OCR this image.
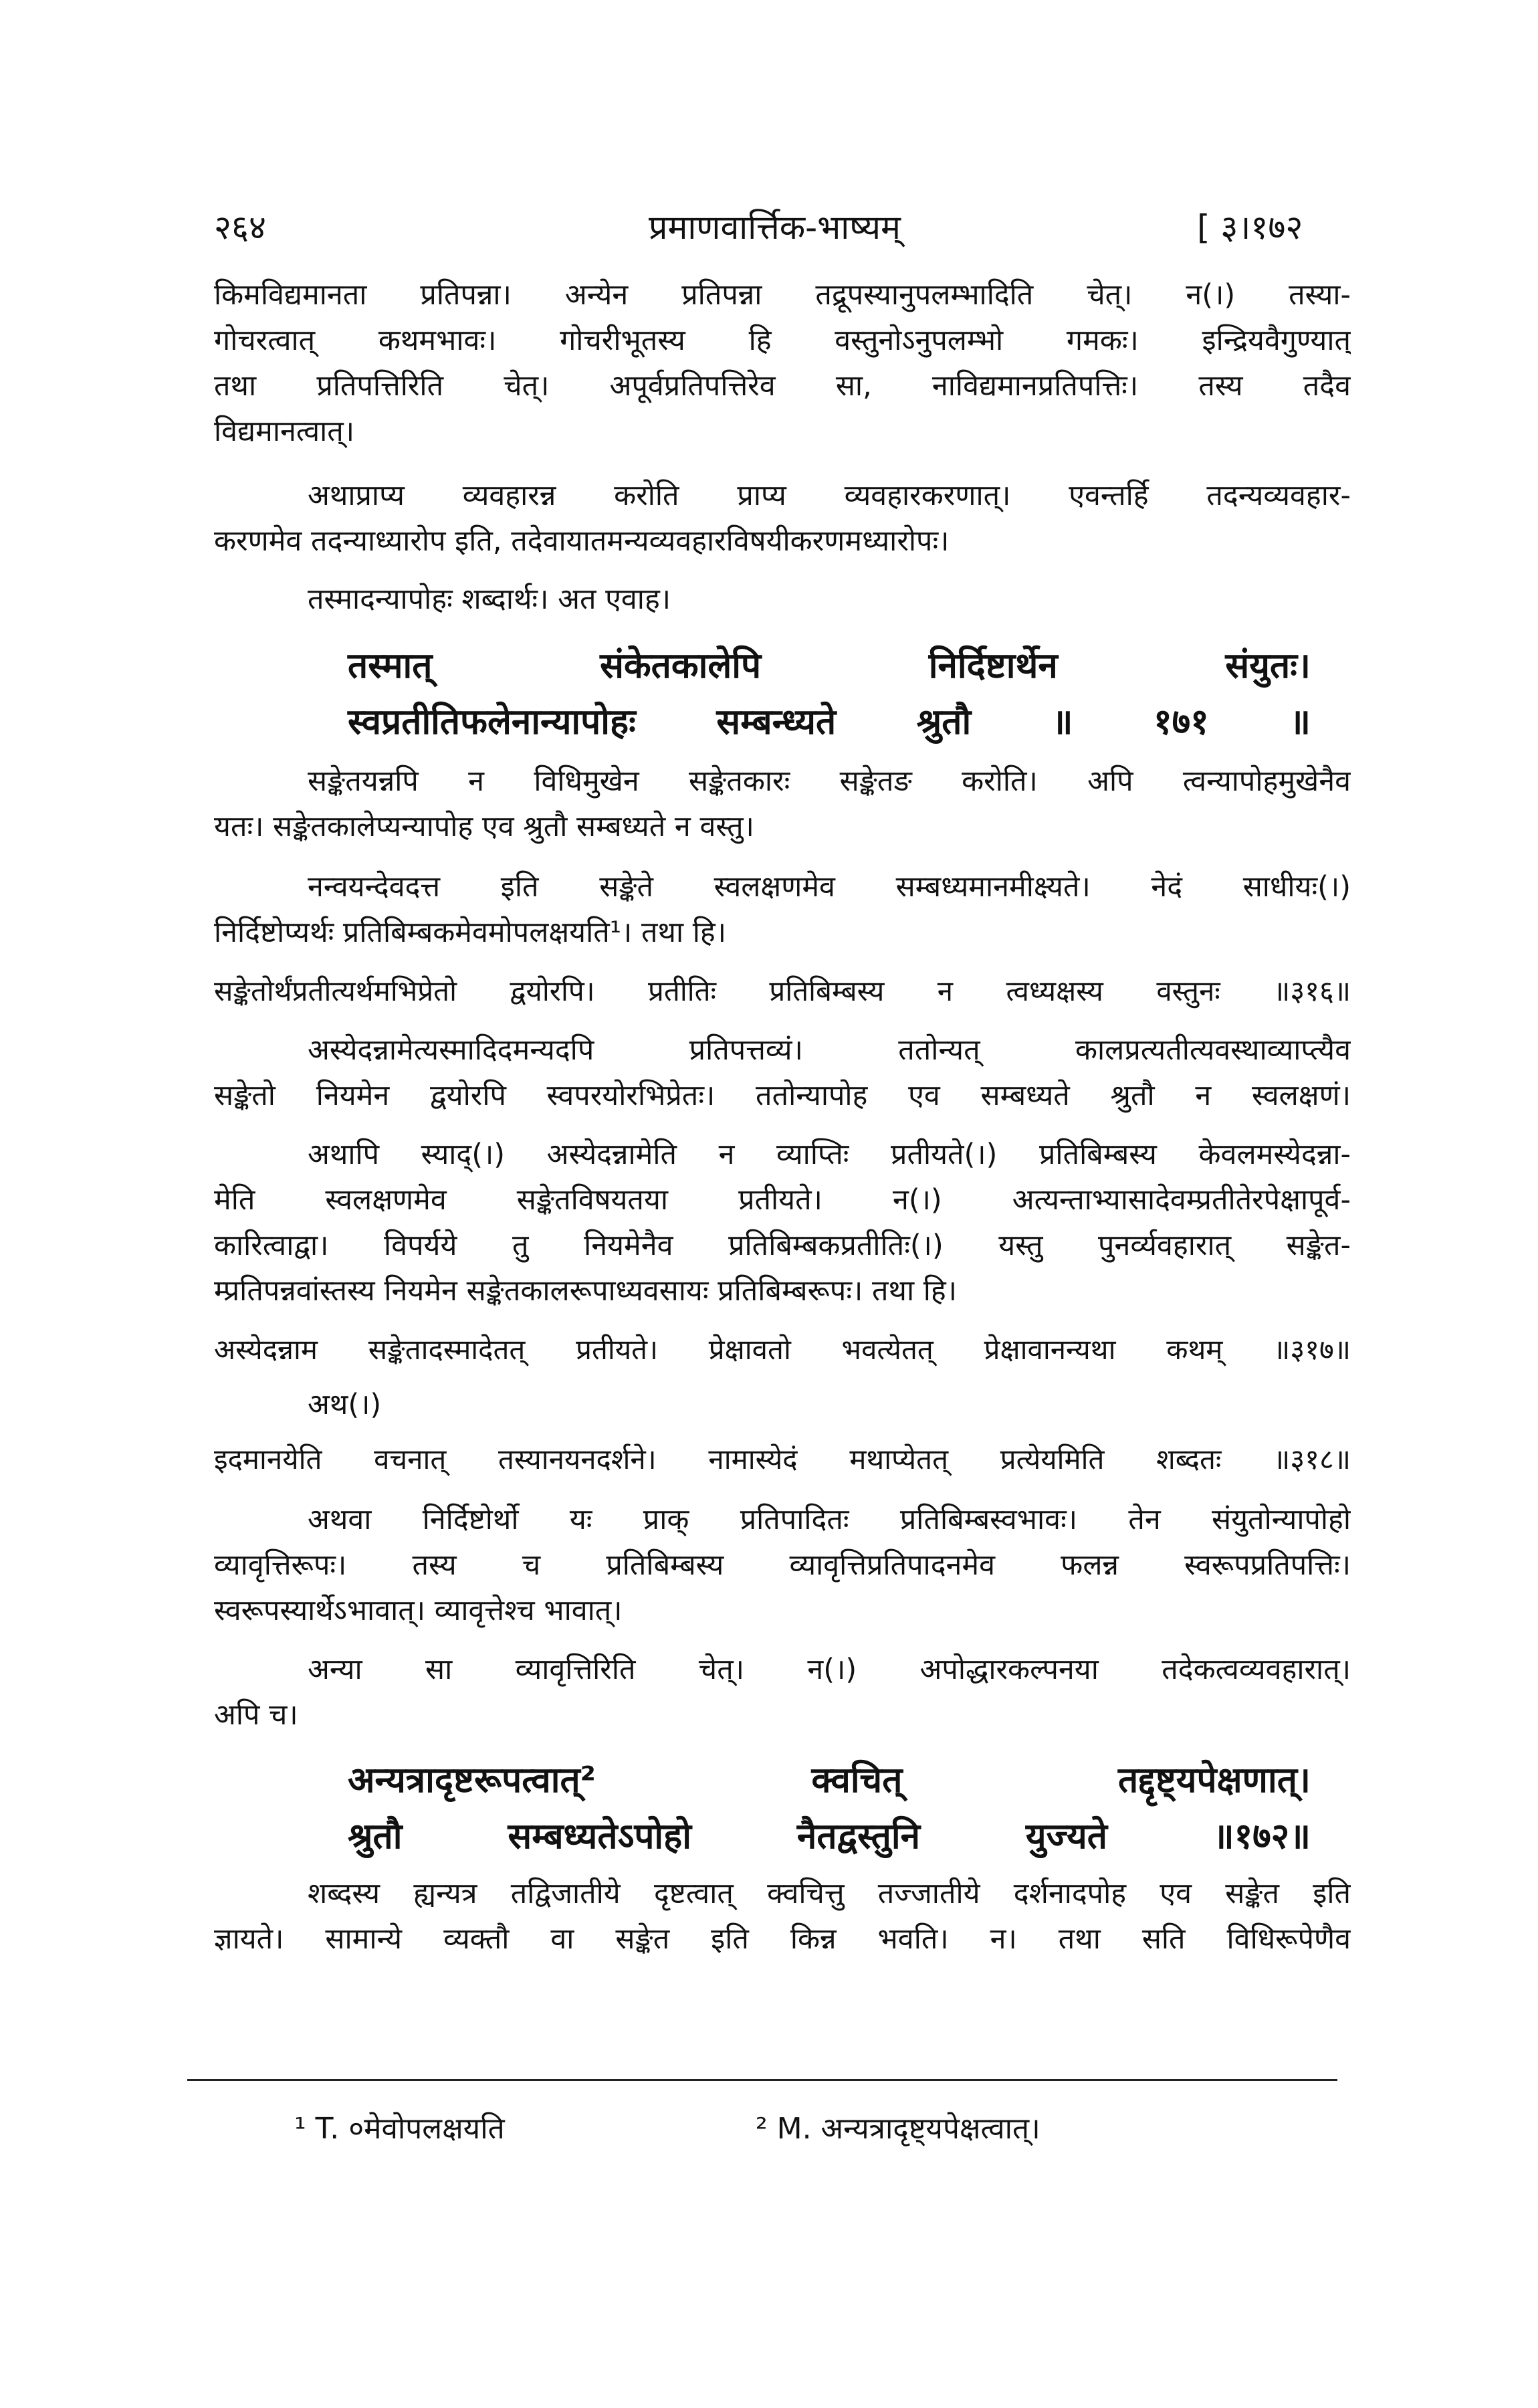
२६४	प्रमाणवार्त्तिक-भाष्यम्	[ ३।१७२
किमविद्यमानता प्रतिपन्ना। अन्येन प्रतिपन्ना तद्रूपस्यानुपलम्भादिति चेत्। न(।) तस्या-
गोचरत्वात् कथमभावः। गोचरीभूतस्य हि वस्तुनोऽनुपलम्भो गमकः। इन्द्रियवैगुण्यात्
तथा प्रतिपत्तिरिति चेत्। अपूर्वप्रतिपत्तिरेव सा, नाविद्यमानप्रतिपत्तिः। तस्य तदैव
विद्यमानत्वात्।
अथाप्राप्य व्यवहारन्न करोति प्राप्य व्यवहारकरणात्। एवन्तर्हि तदन्यव्यवहार-
करणमेव तदन्याध्यारोप इति, तदेवायातमन्यव्यवहारविषयीकरणमध्यारोपः।
तस्मादन्यापोहः शब्दार्थः। अत एवाह।
तस्मात् संकेतकालेपि निर्दिष्टार्थेन संयुतः।
स्वप्रतीतिफलेनान्यापोहः सम्बन्ध्यते श्रुतौ ॥ १७१ ॥
सङ्केतयन्नपि न विधिमुखेन सङ्केतकारः सङ्केतङ करोति। अपि त्वन्यापोहमुखेनैव
यतः। सङ्केतकालेप्यन्यापोह एव श्रुतौ सम्बध्यते न वस्तु।
नन्वयन्देवदत्त इति सङ्केते स्वलक्षणमेव सम्बध्यमानमीक्ष्यते। नेदं साधीयः(।)
निर्दिष्टोप्यर्थः प्रतिबिम्बकमेवमोपलक्षयति¹। तथा हि।
सङ्केतोर्थंप्रतीत्यर्थमभिप्रेतो द्वयोरपि। प्रतीतिः प्रतिबिम्बस्य न त्वध्यक्षस्य वस्तुनः ॥३१६॥
अस्येदन्नामेत्यस्मादिदमन्यदपि प्रतिपत्तव्यं। ततोन्यत् कालप्रत्यतीत्यवस्थाव्याप्त्यैव
सङ्केतो नियमेन द्वयोरपि स्वपरयोरभिप्रेतः। ततोन्यापोह एव सम्बध्यते श्रुतौ न स्वलक्षणं।
अथापि स्याद्(।) अस्येदन्नामेति न व्याप्तिः प्रतीयते(।) प्रतिबिम्बस्य केवलमस्येदन्ना-
मेति स्वलक्षणमेव सङ्केतविषयतया प्रतीयते। न(।) अत्यन्ताभ्यासादेवम्प्रतीतेरपेक्षापूर्व-
कारित्वाद्वा। विपर्यये तु नियमेनैव प्रतिबिम्बकप्रतीतिः(।) यस्तु पुनर्व्यवहारात् सङ्केत-
म्प्रतिपन्नवांस्तस्य नियमेन सङ्केतकालरूपाध्यवसायः प्रतिबिम्बरूपः। तथा हि।
अस्येदन्नाम सङ्केतादस्मादेतत् प्रतीयते। प्रेक्षावतो भवत्येतत् प्रेक्षावानन्यथा कथम् ॥३१७॥
अथ(।)
इदमानयेति वचनात् तस्यानयनदर्शने। नामास्येदं मथाप्येतत् प्रत्येयमिति शब्दतः ॥३१८॥
अथवा निर्दिष्टोर्थो यः प्राक् प्रतिपादितः प्रतिबिम्बस्वभावः। तेन संयुतोन्यापोहो
व्यावृत्तिरूपः। तस्य च प्रतिबिम्बस्य व्यावृत्तिप्रतिपादनमेव फलन्न स्वरूपप्रतिपत्तिः।
स्वरूपस्यार्थेऽभावात्। व्यावृत्तेश्च भावात्।
अन्या सा व्यावृत्तिरिति चेत्। न(।) अपोद्धारकल्पनया तदेकत्वव्यवहारात्।
अपि च।
अन्यत्रादृष्टरूपत्वात्² क्वचित् तद्दृष्ट्यपेक्षणात्।
श्रुतौ सम्बध्यतेऽपोहो नैतद्वस्तुनि युज्यते ॥१७२॥
शब्दस्य ह्यन्यत्र तद्विजातीये दृष्टत्वात् क्वचित्तु तज्जातीये दर्शनादपोह एव सङ्केत इति
ज्ञायते। सामान्ये व्यक्तौ वा सङ्केत इति किन्न भवति। न। तथा सति विधिरूपेणैव
¹ T. ०मेवोपलक्षयति	² M. अन्यत्रादृष्ट्यपेक्षत्वात्।
